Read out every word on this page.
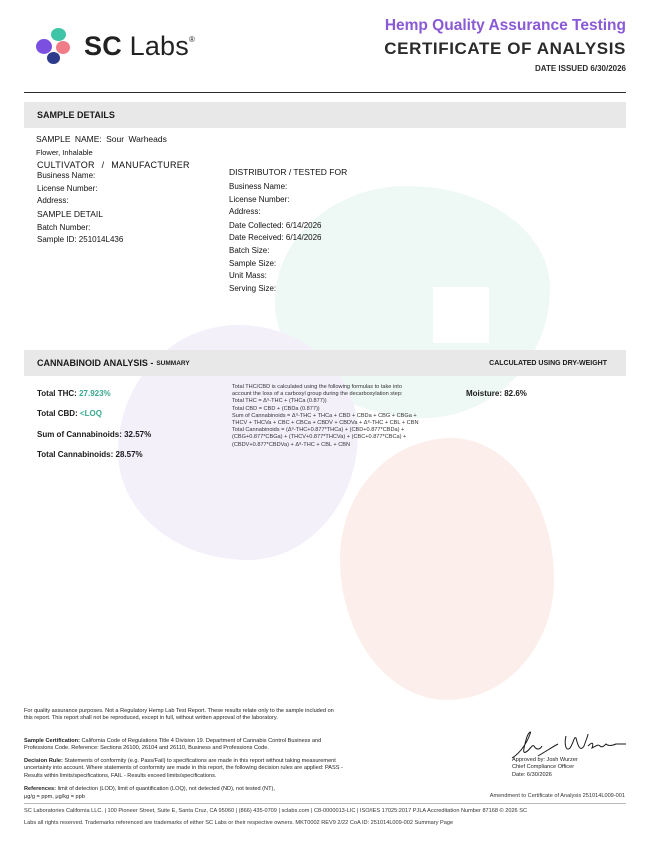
SC Labs®
Hemp Quality Assurance Testing
CERTIFICATE OF ANALYSIS
DATE ISSUED 6/30/2026
SAMPLE DETAILS
SAMPLE NAME: Sour Warheads
Flower, Inhalable
CULTIVATOR / MANUFACTURER
Business Name:
License Number:
Address:
SAMPLE DETAIL
Batch Number:
Sample ID: 251014L436
DISTRIBUTOR / TESTED FOR
Business Name:
License Number:
Address:
Date Collected: 6/14/2026
Date Received: 6/14/2026
Batch Size:
Sample Size:
Unit Mass:
Serving Size:
CANNABINOID ANALYSIS - SUMMARY	CALCULATED USING DRY-WEIGHT
Total THC: 27.923%
Total CBD: <LOQ
Sum of Cannabinoids: 32.57%
Total Cannabinoids: 28.57%
Moisture: 82.6%
Total THC/CBD is calculated using the following formulas to take into
account the loss of a carboxyl group during the decarboxylation step:
Total THC = Δ⁹-THC + (THCa (0.877))
Total CBD = CBD + (CBDa (0.877))
Sum of Cannabinoids = Δ⁹-THC + THCa + CBD + CBDa + CBG + CBGa +
THCV + THCVa + CBC + CBCa + CBDV + CBDVa + Δ⁸-THC + CBL + CBN
Total Cannabinoids = (Δ⁹-THC+0.877*THCa) + (CBD+0.877*CBDa) +
(CBG+0.877*CBGa) + (THCV+0.877*THCVa) + (CBC+0.877*CBCa) +
(CBDV+0.877*CBDVa) + Δ⁸-THC + CBL + CBN
For quality assurance purposes. Not a Regulatory Hemp Lab Test Report. These results relate only to the sample included on this report. This report shall not be reproduced, except in full, without written approval of the laboratory.
Sample Certification: California Code of Regulations Title 4 Division 19. Department of Cannabis Control Business and Professions Code. Reference: Sections 26100, 26104 and 26110, Business and Professions Code.
Decision Rule: Statements of conformity (e.g. Pass/Fail) to specifications are made in this report without taking measurement uncertainty into account. Where statements of conformity are made in this report, the following decision rules are applied: PASS - Results within limits/specifications, FAIL - Results exceed limits/specifications.
References: limit of detection (LOD), limit of quantification (LOQ), not detected (ND), not tested (NT),
μg/g = ppm, μg/kg = ppb
Approved by: Josh Wurzer
Chief Compliance Officer
Date: 6/30/2026
Amendment to Certificate of Analysis 251014L009-001
SC Laboratories California LLC. | 100 Pioneer Street, Suite E, Santa Cruz, CA 95060 | (866) 435-0709 | sclabs.com | C8-0000013-LIC | ISO/IES 17025:2017 PJLA Accreditation Number 87168 © 2026 SC
Labs all rights reserved. Trademarks referenced are trademarks of either SC Labs or their respective owners. MKT0002 REV9 2/22 CoA ID: 251014L009-002 Summary Page
